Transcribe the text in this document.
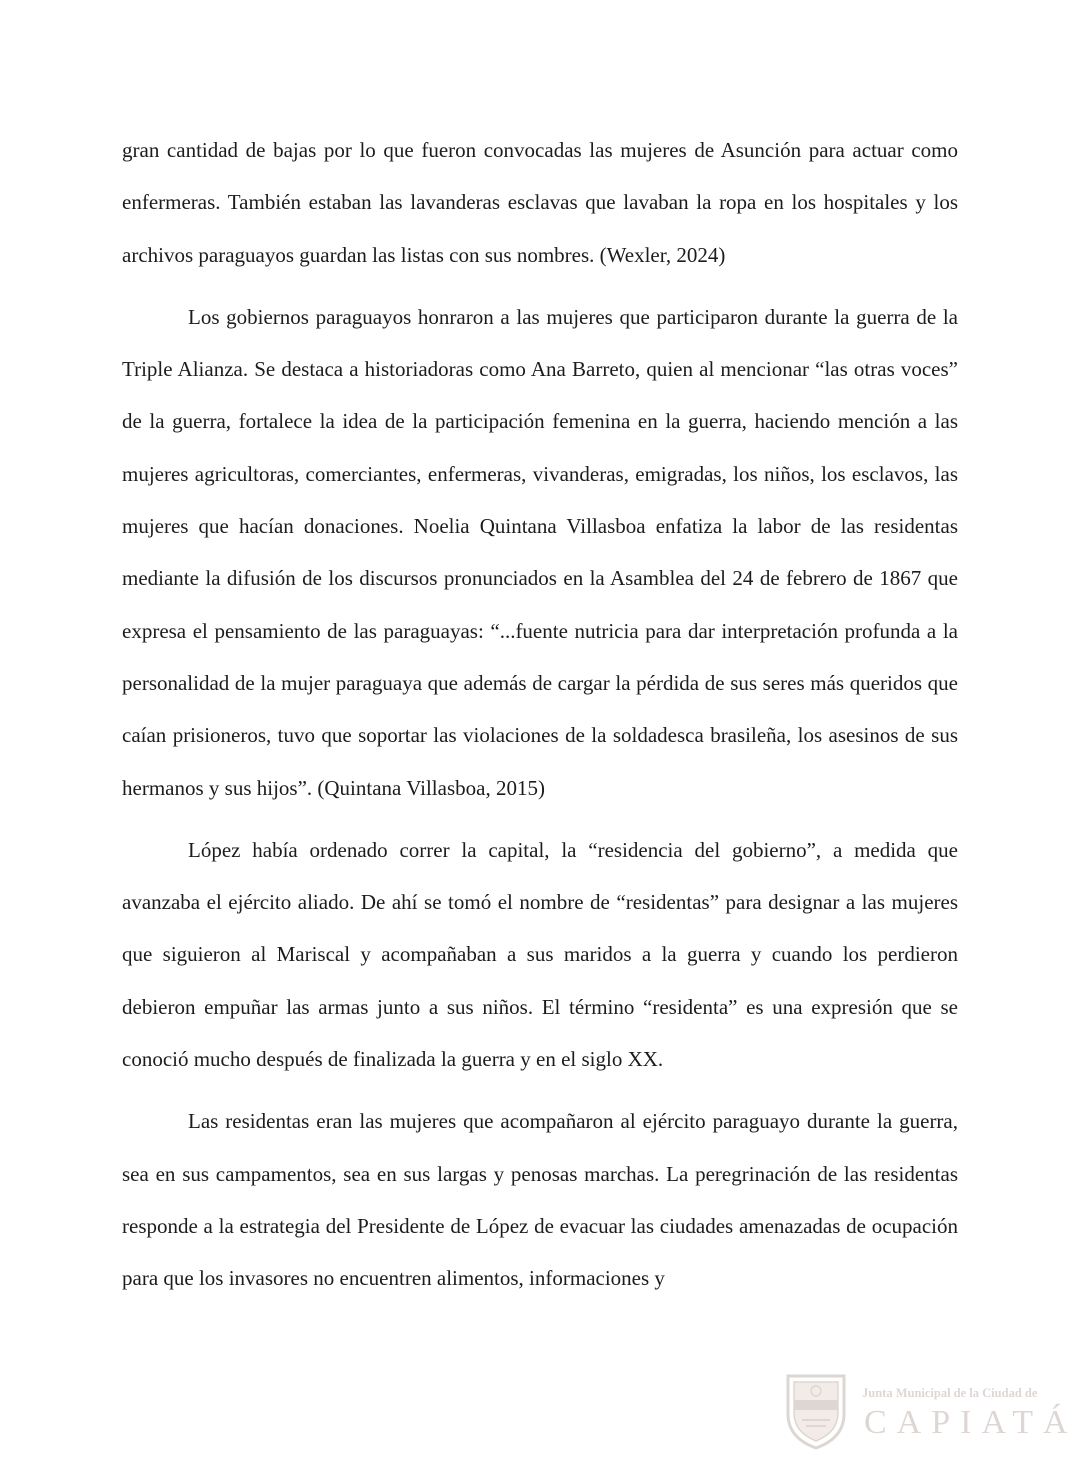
gran cantidad de bajas por lo que fueron convocadas las mujeres de Asunción para actuar como enfermeras. También estaban las lavanderas esclavas que lavaban la ropa en los hospitales y los archivos paraguayos guardan las listas con sus nombres. (Wexler, 2024)

Los gobiernos paraguayos honraron a las mujeres que participaron durante la guerra de la Triple Alianza. Se destaca a historiadoras como Ana Barreto, quien al mencionar “las otras voces” de la guerra, fortalece la idea de la participación femenina en la guerra, haciendo mención a las mujeres agricultoras, comerciantes, enfermeras, vivanderas, emigradas, los niños, los esclavos, las mujeres que hacían donaciones. Noelia Quintana Villasboa enfatiza la labor de las residentas mediante la difusión de los discursos pronunciados en la Asamblea del 24 de febrero de 1867 que expresa el pensamiento de las paraguayas: “...fuente nutricia para dar interpretación profunda a la personalidad de la mujer paraguaya que además de cargar la pérdida de sus seres más queridos que caían prisioneros, tuvo que soportar las violaciones de la soldadesca brasileña, los asesinos de sus hermanos y sus hijos”. (Quintana Villasboa, 2015)

López había ordenado correr la capital, la “residencia del gobierno”, a medida que avanzaba el ejército aliado. De ahí se tomó el nombre de “residentas” para designar a las mujeres que siguieron al Mariscal y acompañaban a sus maridos a la guerra y cuando los perdieron debieron empuñar las armas junto a sus niños. El término “residenta” es una expresión que se conoció mucho después de finalizada la guerra y en el siglo XX.

Las residentas eran las mujeres que acompañaron al ejército paraguayo durante la guerra, sea en sus campamentos, sea en sus largas y penosas marchas. La peregrinación de las residentas responde a la estrategia del Presidente de López de evacuar las ciudades amenazadas de ocupación para que los invasores no encuentren alimentos, informaciones y

Junta Municipal de la Ciudad de
CAPIATÁ
